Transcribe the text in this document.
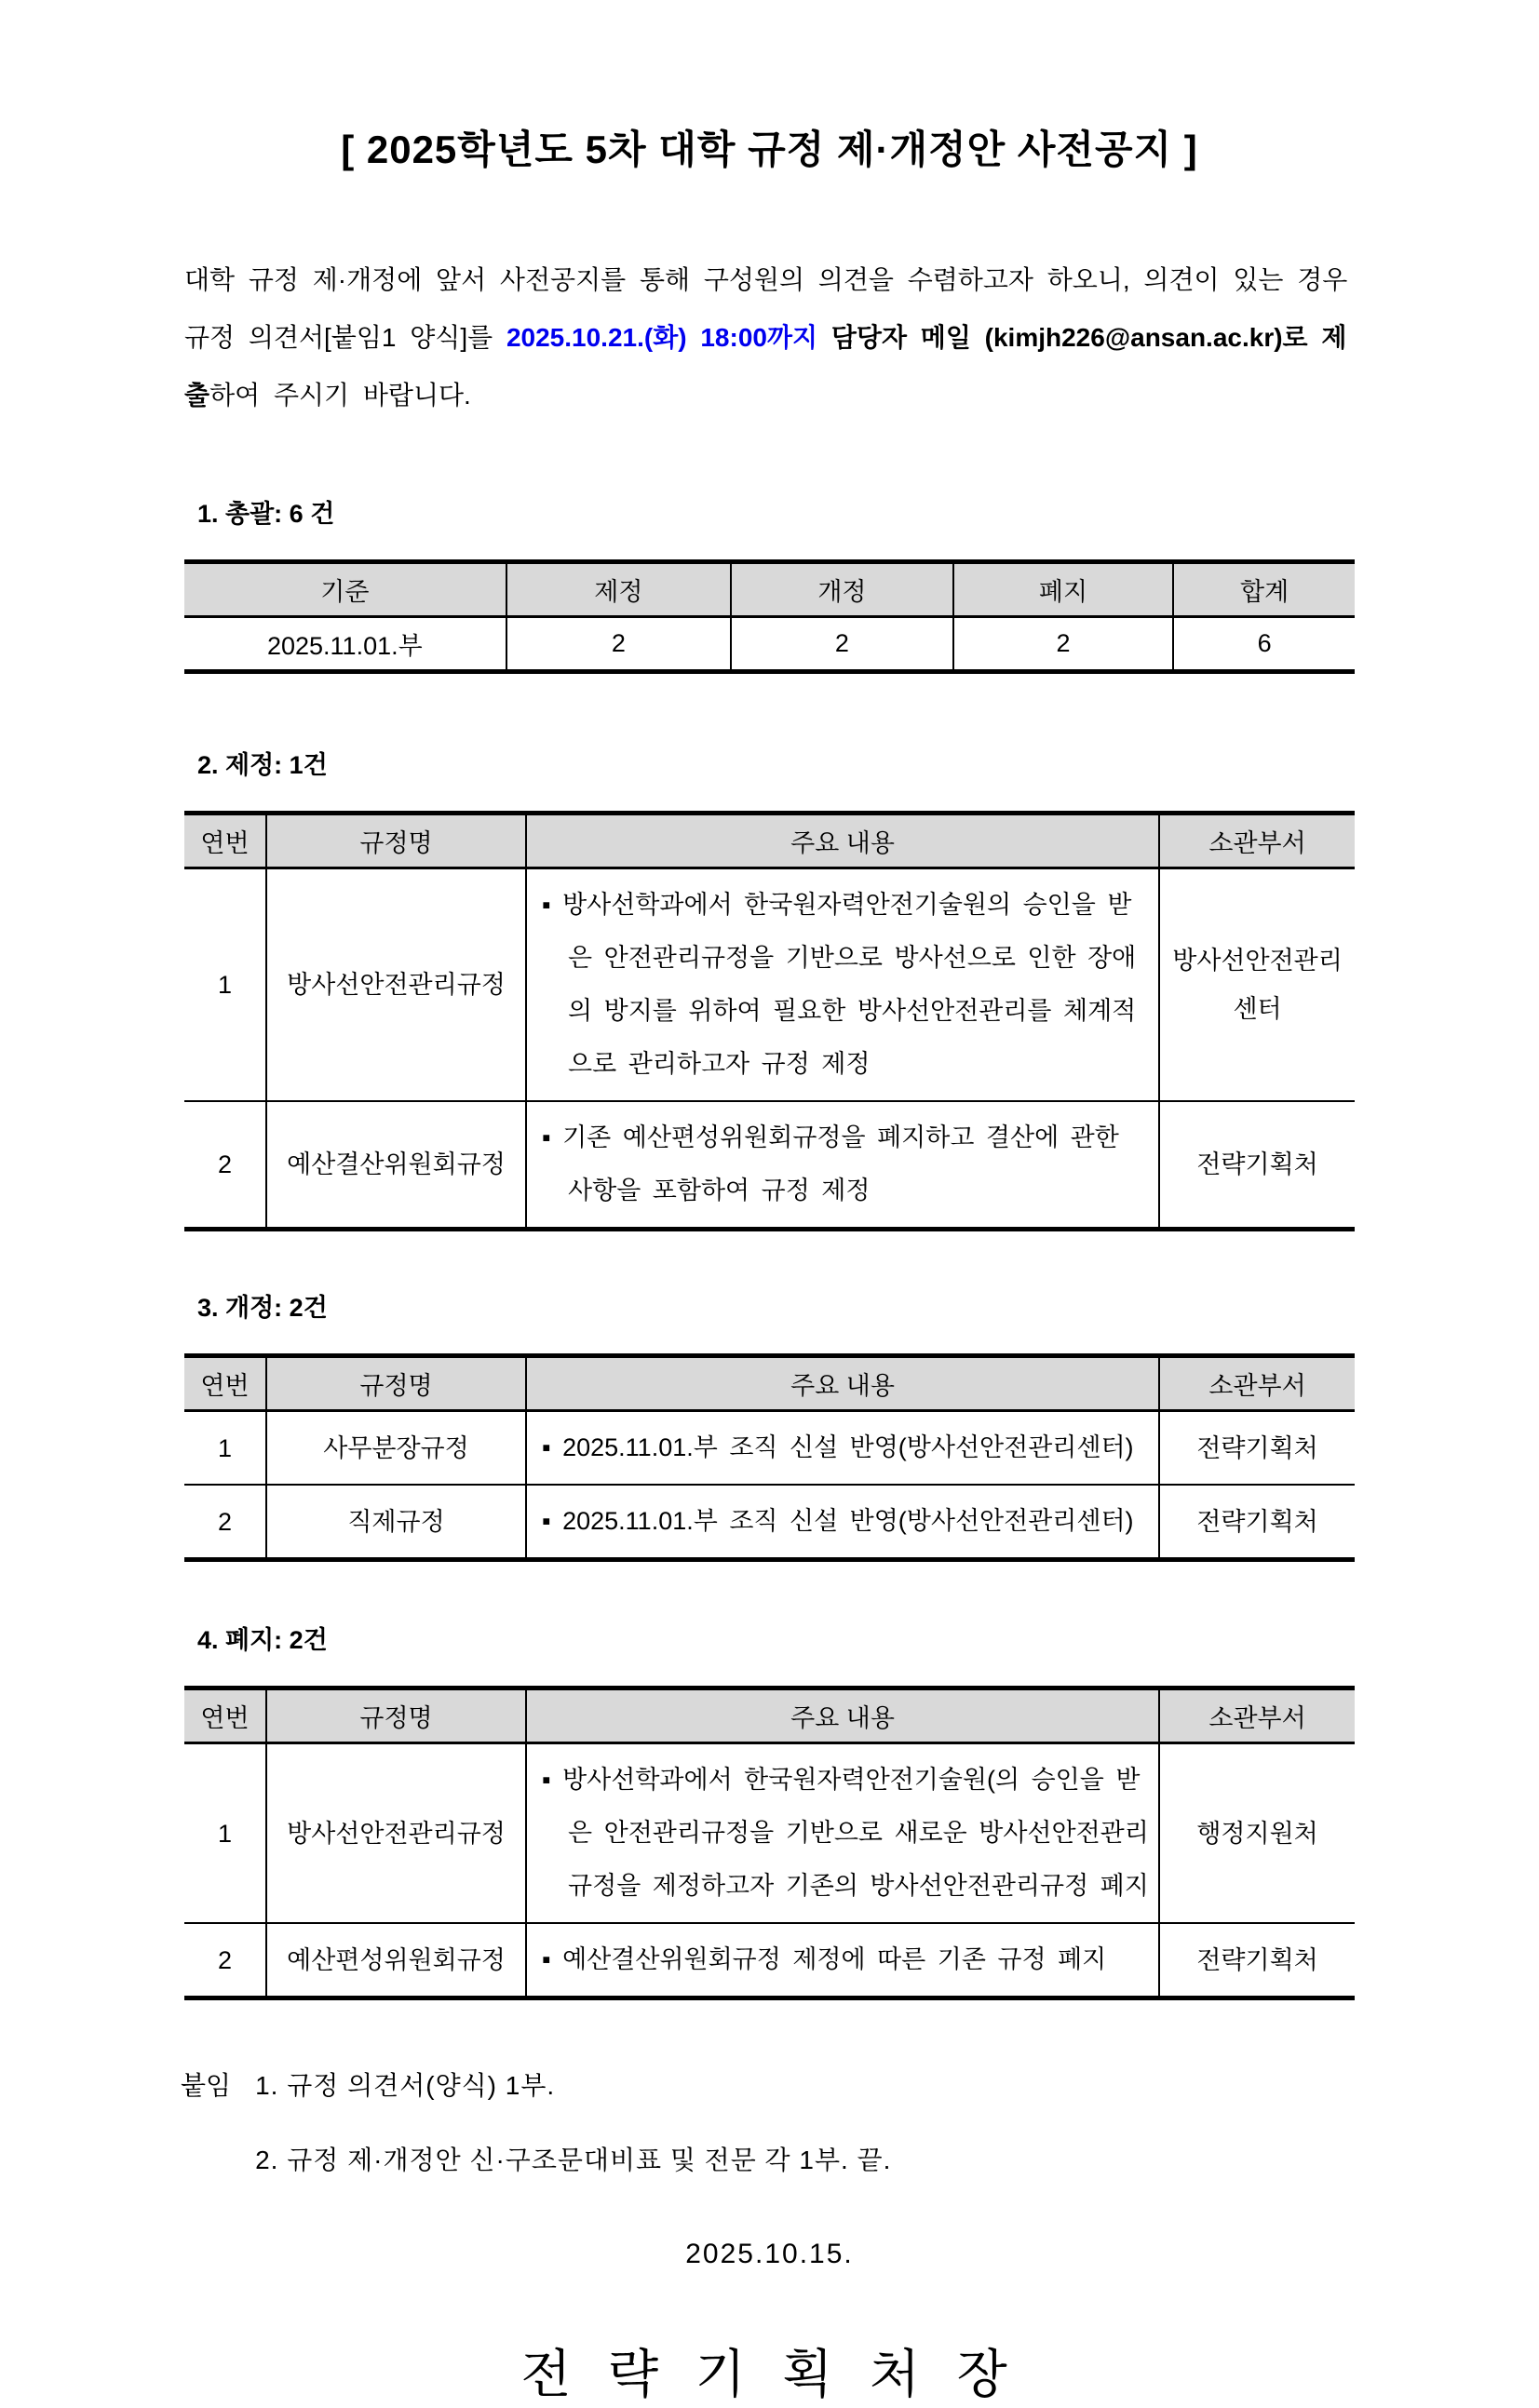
[ 2025학년도 5차 대학 규정 제·개정안 사전공지 ]
대학 규정 제·개정에 앞서 사전공지를 통해 구성원의 의견을 수렴하고자 하오니, 의견이 있는 경우 규정 의견서[붙임1 양식]를 2025.10.21.(화) 18:00까지 담당자 메일 (kimjh226@ansan.ac.kr)로 제출하여 주시기 바랍니다.
1. 총괄: 6 건
기준	제정	개정	폐지	합계
2025.11.01.부	2	2	2	6
2. 제정: 1건
연번	규정명	주요 내용	소관부서
1	방사선안전관리규정	▪ 방사선학과에서 한국원자력안전기술원의 승인을 받은 안전관리규정을 기반으로 방사선으로 인한 장애의 방지를 위하여 필요한 방사선안전관리를 체계적으로 관리하고자 규정 제정	방사선안전관리센터
2	예산결산위원회규정	▪ 기존 예산편성위원회규정을 폐지하고 결산에 관한 사항을 포함하여 규정 제정	전략기획처
3. 개정: 2건
연번	규정명	주요 내용	소관부서
1	사무분장규정	▪ 2025.11.01.부 조직 신설 반영(방사선안전관리센터)	전략기획처
2	직제규정	▪ 2025.11.01.부 조직 신설 반영(방사선안전관리센터)	전략기획처
4. 폐지: 2건
연번	규정명	주요 내용	소관부서
1	방사선안전관리규정	▪ 방사선학과에서 한국원자력안전기술원(의 승인을 받은 안전관리규정을 기반으로 새로운 방사선안전관리규정을 제정하고자 기존의 방사선안전관리규정 폐지	행정지원처
2	예산편성위원회규정	▪ 예산결산위원회규정 제정에 따른 기존 규정 폐지	전략기획처
붙임 1. 규정 의견서(양식) 1부.
2. 규정 제·개정안 신·구조문대비표 및 전문 각 1부. 끝.
2025.10.15.
전 략 기 획 처 장
